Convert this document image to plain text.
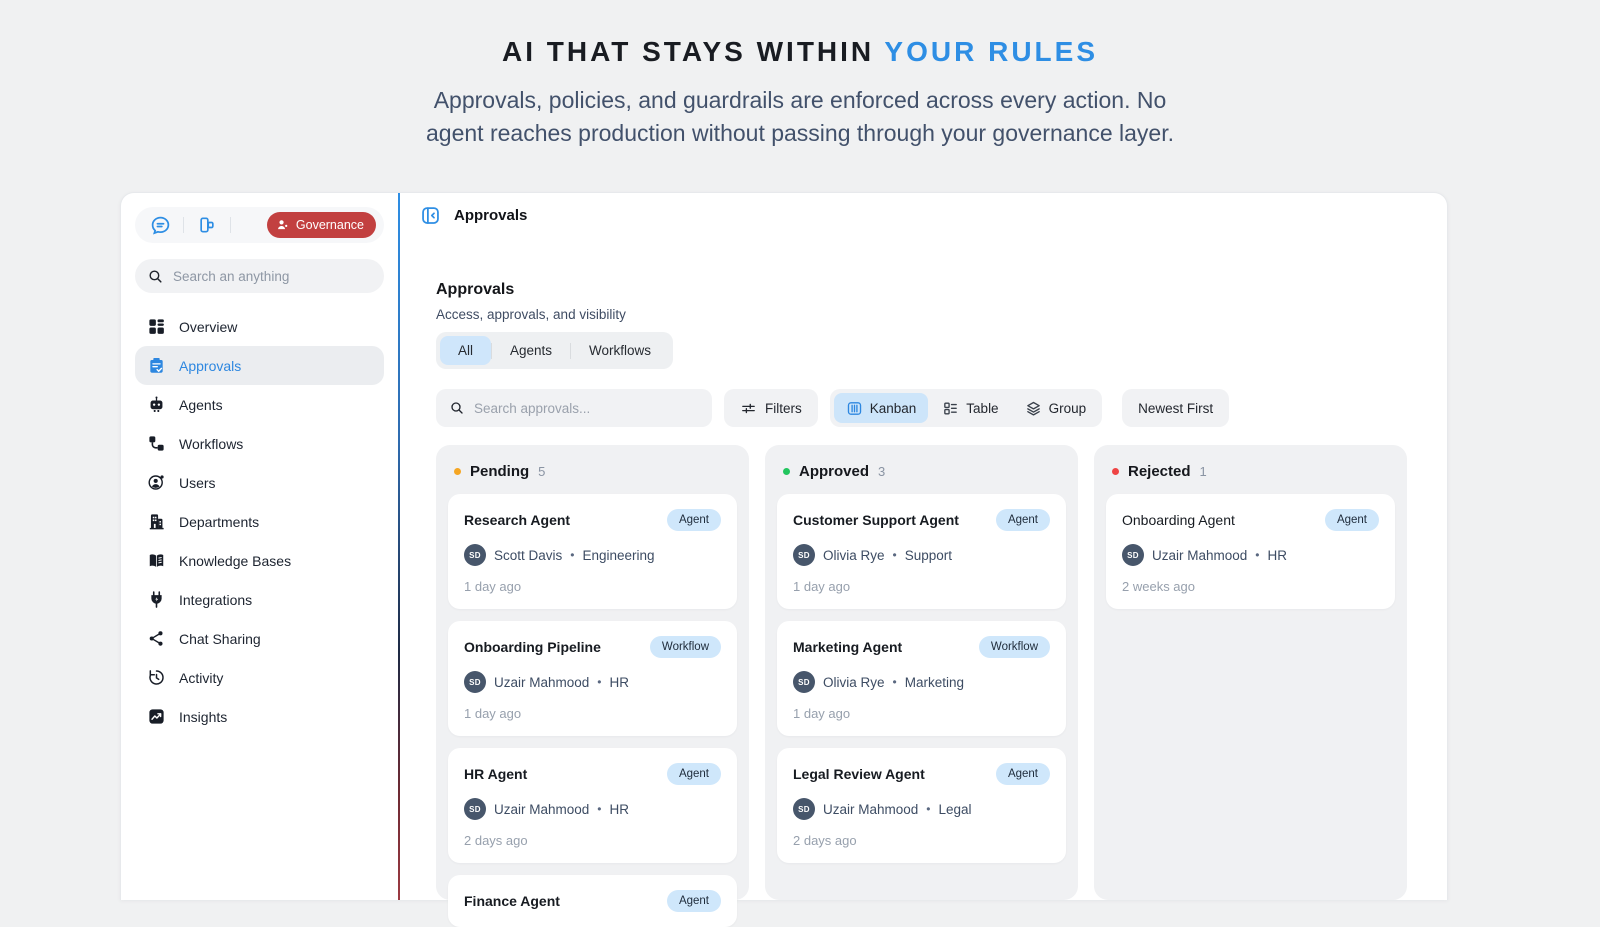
AI THAT STAYS WITHIN YOUR RULES
Approvals, policies, and guardrails are enforced across every action. No
agent reaches production without passing through your governance layer.
Governance
Search an anything
Overview
Approvals
Agents
Workflows
Users
Departments
Knowledge Bases
Integrations
Chat Sharing
Activity
Insights
Approvals
Approvals
Access, approvals, and visibility
All	Agents	Workflows
Search approvals...
Filters	Kanban	Table	Group	Newest First
Pending 5
Research Agent	Agent
SD Scott Davis • Engineering
1 day ago
Onboarding Pipeline	Workflow
SD Uzair Mahmood • HR
1 day ago
HR Agent	Agent
SD Uzair Mahmood • HR
2 days ago
Finance Agent	Agent
Approved 3
Customer Support Agent	Agent
SD Olivia Rye • Support
1 day ago
Marketing Agent	Workflow
SD Olivia Rye • Marketing
1 day ago
Legal Review Agent	Agent
SD Uzair Mahmood • Legal
2 days ago
Rejected 1
Onboarding Agent	Agent
SD Uzair Mahmood • HR
2 weeks ago
